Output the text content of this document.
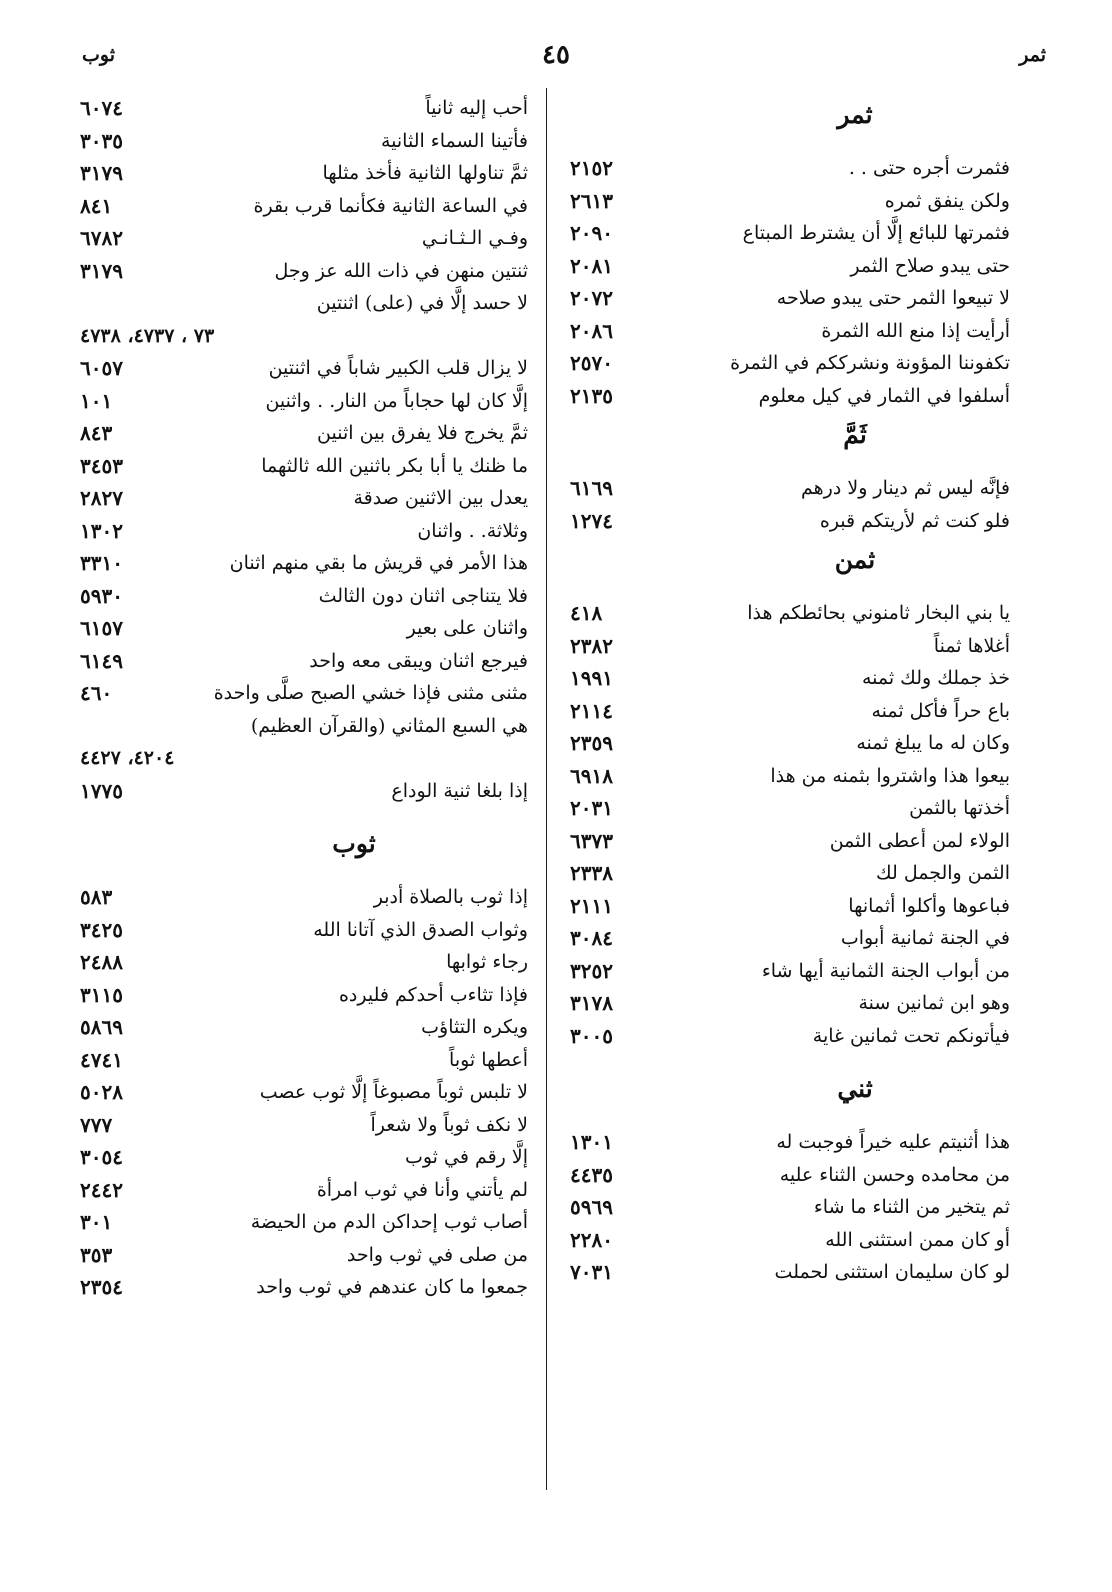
ثوب	٤٥	ثمر
ثمر
فثمرت أجره حتى . .
٢١٥٢
ولكن ينفق ثمره
٢٦١٣
فثمرتها للبائع إلَّا أن يشترط المبتاع
٢٠٩٠
حتى يبدو صلاح الثمر
٢٠٨١
لا تبيعوا الثمر حتى يبدو صلاحه
٢٠٧٢
أرأيت إذا منع الله الثمرة
٢٠٨٦
تكفوننا المؤونة ونشرككم في الثمرة
٢٥٧٠
أسلفوا في الثمار في كيل معلوم
٢١٣٥
ثَمَّ
فإنَّه ليس ثم دينار ولا درهم
٦١٦٩
فلو كنت ثم لأريتكم قبره
١٢٧٤
ثمن
يا بني البخار ثامنوني بحائطكم هذا
٤١٨
أغلاها ثمناً
٢٣٨٢
خذ جملك ولك ثمنه
١٩٩١
باع حراً فأكل ثمنه
٢١١٤
وكان له ما يبلغ ثمنه
٢٣٥٩
بيعوا هذا واشتروا بثمنه من هذا
٦٩١٨
أخذتها بالثمن
٢٠٣١
الولاء لمن أعطى الثمن
٦٣٧٣
الثمن والجمل لك
٢٣٣٨
فباعوها وأكلوا أثمانها
٢١١١
في الجنة ثمانية أبواب
٣٠٨٤
من أبواب الجنة الثمانية أيها شاء
٣٢٥٢
وهو ابن ثمانين سنة
٣١٧٨
فيأتونكم تحت ثمانين غاية
٣٠٠٥
ثني
هذا أثنيتم عليه خيراً فوجبت له
١٣٠١
من محامده وحسن الثناء عليه
٤٤٣٥
ثم يتخير من الثناء ما شاء
٥٩٦٩
أو كان ممن استثنى الله
٢٢٨٠
لو كان سليمان استثنى لحملت
٧٠٣١
أحب إليه ثانياً
٦٠٧٤
فأتينا السماء الثانية
٣٠٣٥
ثمَّ تناولها الثانية فأخذ مثلها
٣١٧٩
في الساعة الثانية فكأنما قرب بقرة
٨٤١
وفـي الـثـانـي
٦٧٨٢
ثنتين منهن في ذات الله عز وجل
٣١٧٩
لا حسد إلَّا في (على) اثنتين
٧٣ ، ٤٧٣٧، ٤٧٣٨
لا يزال قلب الكبير شاباً في اثنتين
٦٠٥٧
إلَّا كان لها حجاباً من النار. . واثنين
١٠١
ثمَّ يخرج فلا يفرق بين اثنين
٨٤٣
ما ظنك يا أبا بكر باثنين الله ثالثهما
٣٤٥٣
يعدل بين الاثنين صدقة
٢٨٢٧
وثلاثة. . واثنان
١٣٠٢
هذا الأمر في قريش ما بقي منهم اثنان
٣٣١٠
فلا يتناجى اثنان دون الثالث
٥٩٣٠
واثنان على بعير
٦١٥٧
فيرجع اثنان ويبقى معه واحد
٦١٤٩
مثنى مثنى فإذا خشي الصبح صلَّى واحدة
٤٦٠
هي السبع المثاني (والقرآن العظيم)
٤٢٠٤، ٤٤٢٧
إذا بلغا ثنية الوداع
١٧٧٥
ثوب
إذا ثوب بالصلاة أدبر
٥٨٣
وثواب الصدق الذي آتانا الله
٣٤٢٥
رجاء ثوابها
٢٤٨٨
فإذا تثاءب أحدكم فليرده
٣١١٥
ويكره التثاؤب
٥٨٦٩
أعطها ثوباً
٤٧٤١
لا تلبس ثوباً مصبوغاً إلَّا ثوب عصب
٥٠٢٨
لا نكف ثوباً ولا شعراً
٧٧٧
إلَّا رقم في ثوب
٣٠٥٤
لم يأتني وأنا في ثوب امرأة
٢٤٤٢
أصاب ثوب إحداكن الدم من الحيضة
٣٠١
من صلى في ثوب واحد
٣٥٣
جمعوا ما كان عندهم في ثوب واحد
٢٣٥٤
